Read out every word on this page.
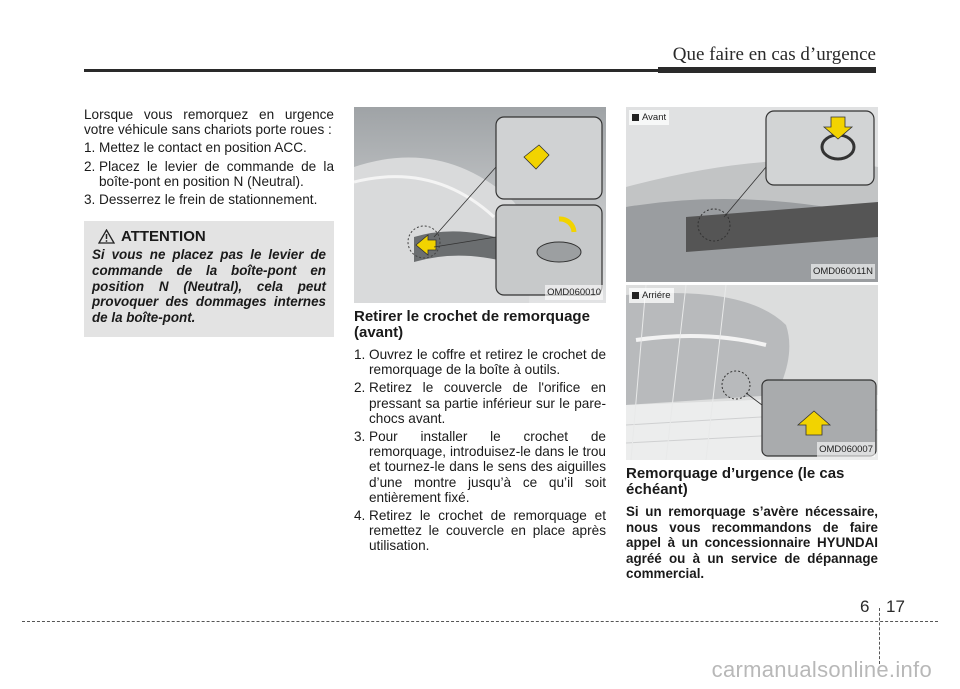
Que faire en cas d’urgence

Lorsque vous remorquez en urgence votre véhicule sans chariots porte roues :

1. Mettez le contact en position ACC.
2. Placez le levier de commande de la boîte-pont en position N (Neutral).
3. Desserrez le frein de stationnement.
ATTENTION
Si vous ne placez pas le levier de commande de la boîte-pont en position N (Neutral), cela peut provoquer des dommages internes de la boîte-pont.
OMD060010
Retirer le crochet de remorquage (avant)
1. Ouvrez le coffre et retirez le crochet de remorquage de la boîte à outils.
2. Retirez le couvercle de l'orifice en pressant sa partie inférieur sur le pare-chocs avant.
3. Pour installer le crochet de remorquage, introduisez-le dans le trou et tournez-le dans le sens des aiguilles d’une montre jusqu’à ce qu’il soit entièrement fixé.
4. Retirez le crochet de remorquage et remettez le couvercle en place après utilisation.
Avant
OMD060011N
Arriére
OMD060007
Remorquage d’urgence (le cas échéant)

Si un remorquage s’avère nécessaire, nous vous recommandons de faire appel à un concessionnaire HYUNDAI agréé ou à un service de dépannage commercial.

6 17
carmanualsonline.info
